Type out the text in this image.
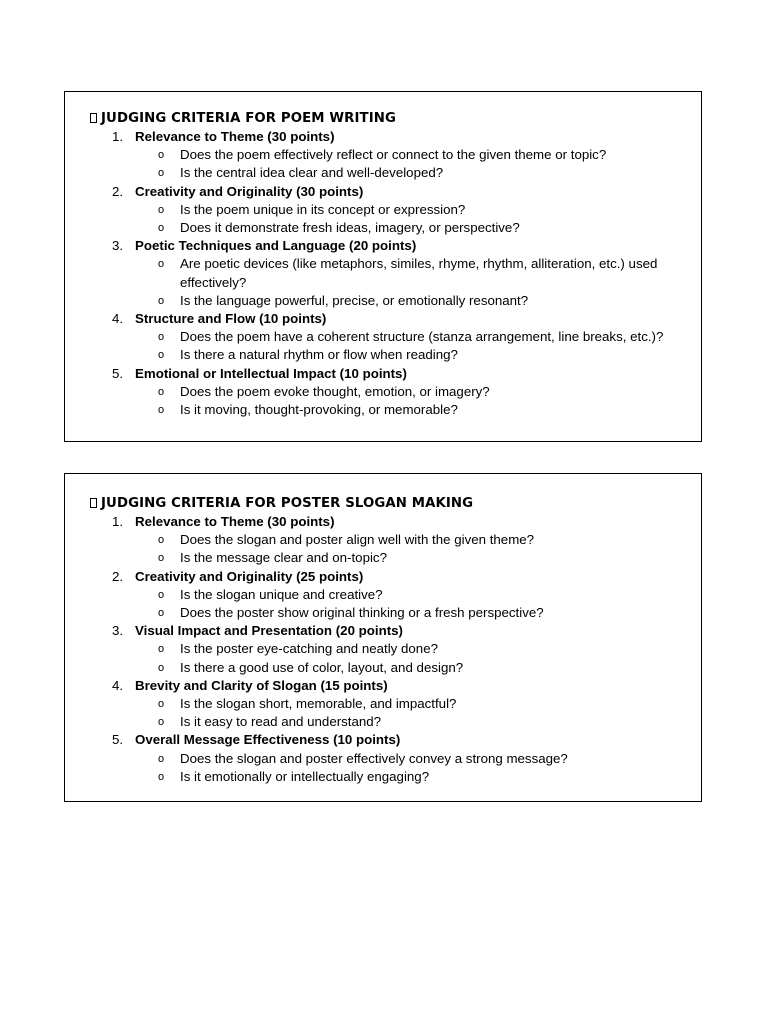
JUDGING CRITERIA FOR POEM WRITING
1. Relevance to Theme (30 points)
o Does the poem effectively reflect or connect to the given theme or topic?
o Is the central idea clear and well-developed?
2. Creativity and Originality (30 points)
o Is the poem unique in its concept or expression?
o Does it demonstrate fresh ideas, imagery, or perspective?
3. Poetic Techniques and Language (20 points)
o Are poetic devices (like metaphors, similes, rhyme, rhythm, alliteration, etc.) used effectively?
o Is the language powerful, precise, or emotionally resonant?
4. Structure and Flow (10 points)
o Does the poem have a coherent structure (stanza arrangement, line breaks, etc.)?
o Is there a natural rhythm or flow when reading?
5. Emotional or Intellectual Impact (10 points)
o Does the poem evoke thought, emotion, or imagery?
o Is it moving, thought-provoking, or memorable?
JUDGING CRITERIA FOR POSTER SLOGAN MAKING
1. Relevance to Theme (30 points)
o Does the slogan and poster align well with the given theme?
o Is the message clear and on-topic?
2. Creativity and Originality (25 points)
o Is the slogan unique and creative?
o Does the poster show original thinking or a fresh perspective?
3. Visual Impact and Presentation (20 points)
o Is the poster eye-catching and neatly done?
o Is there a good use of color, layout, and design?
4. Brevity and Clarity of Slogan (15 points)
o Is the slogan short, memorable, and impactful?
o Is it easy to read and understand?
5. Overall Message Effectiveness (10 points)
o Does the slogan and poster effectively convey a strong message?
o Is it emotionally or intellectually engaging?
